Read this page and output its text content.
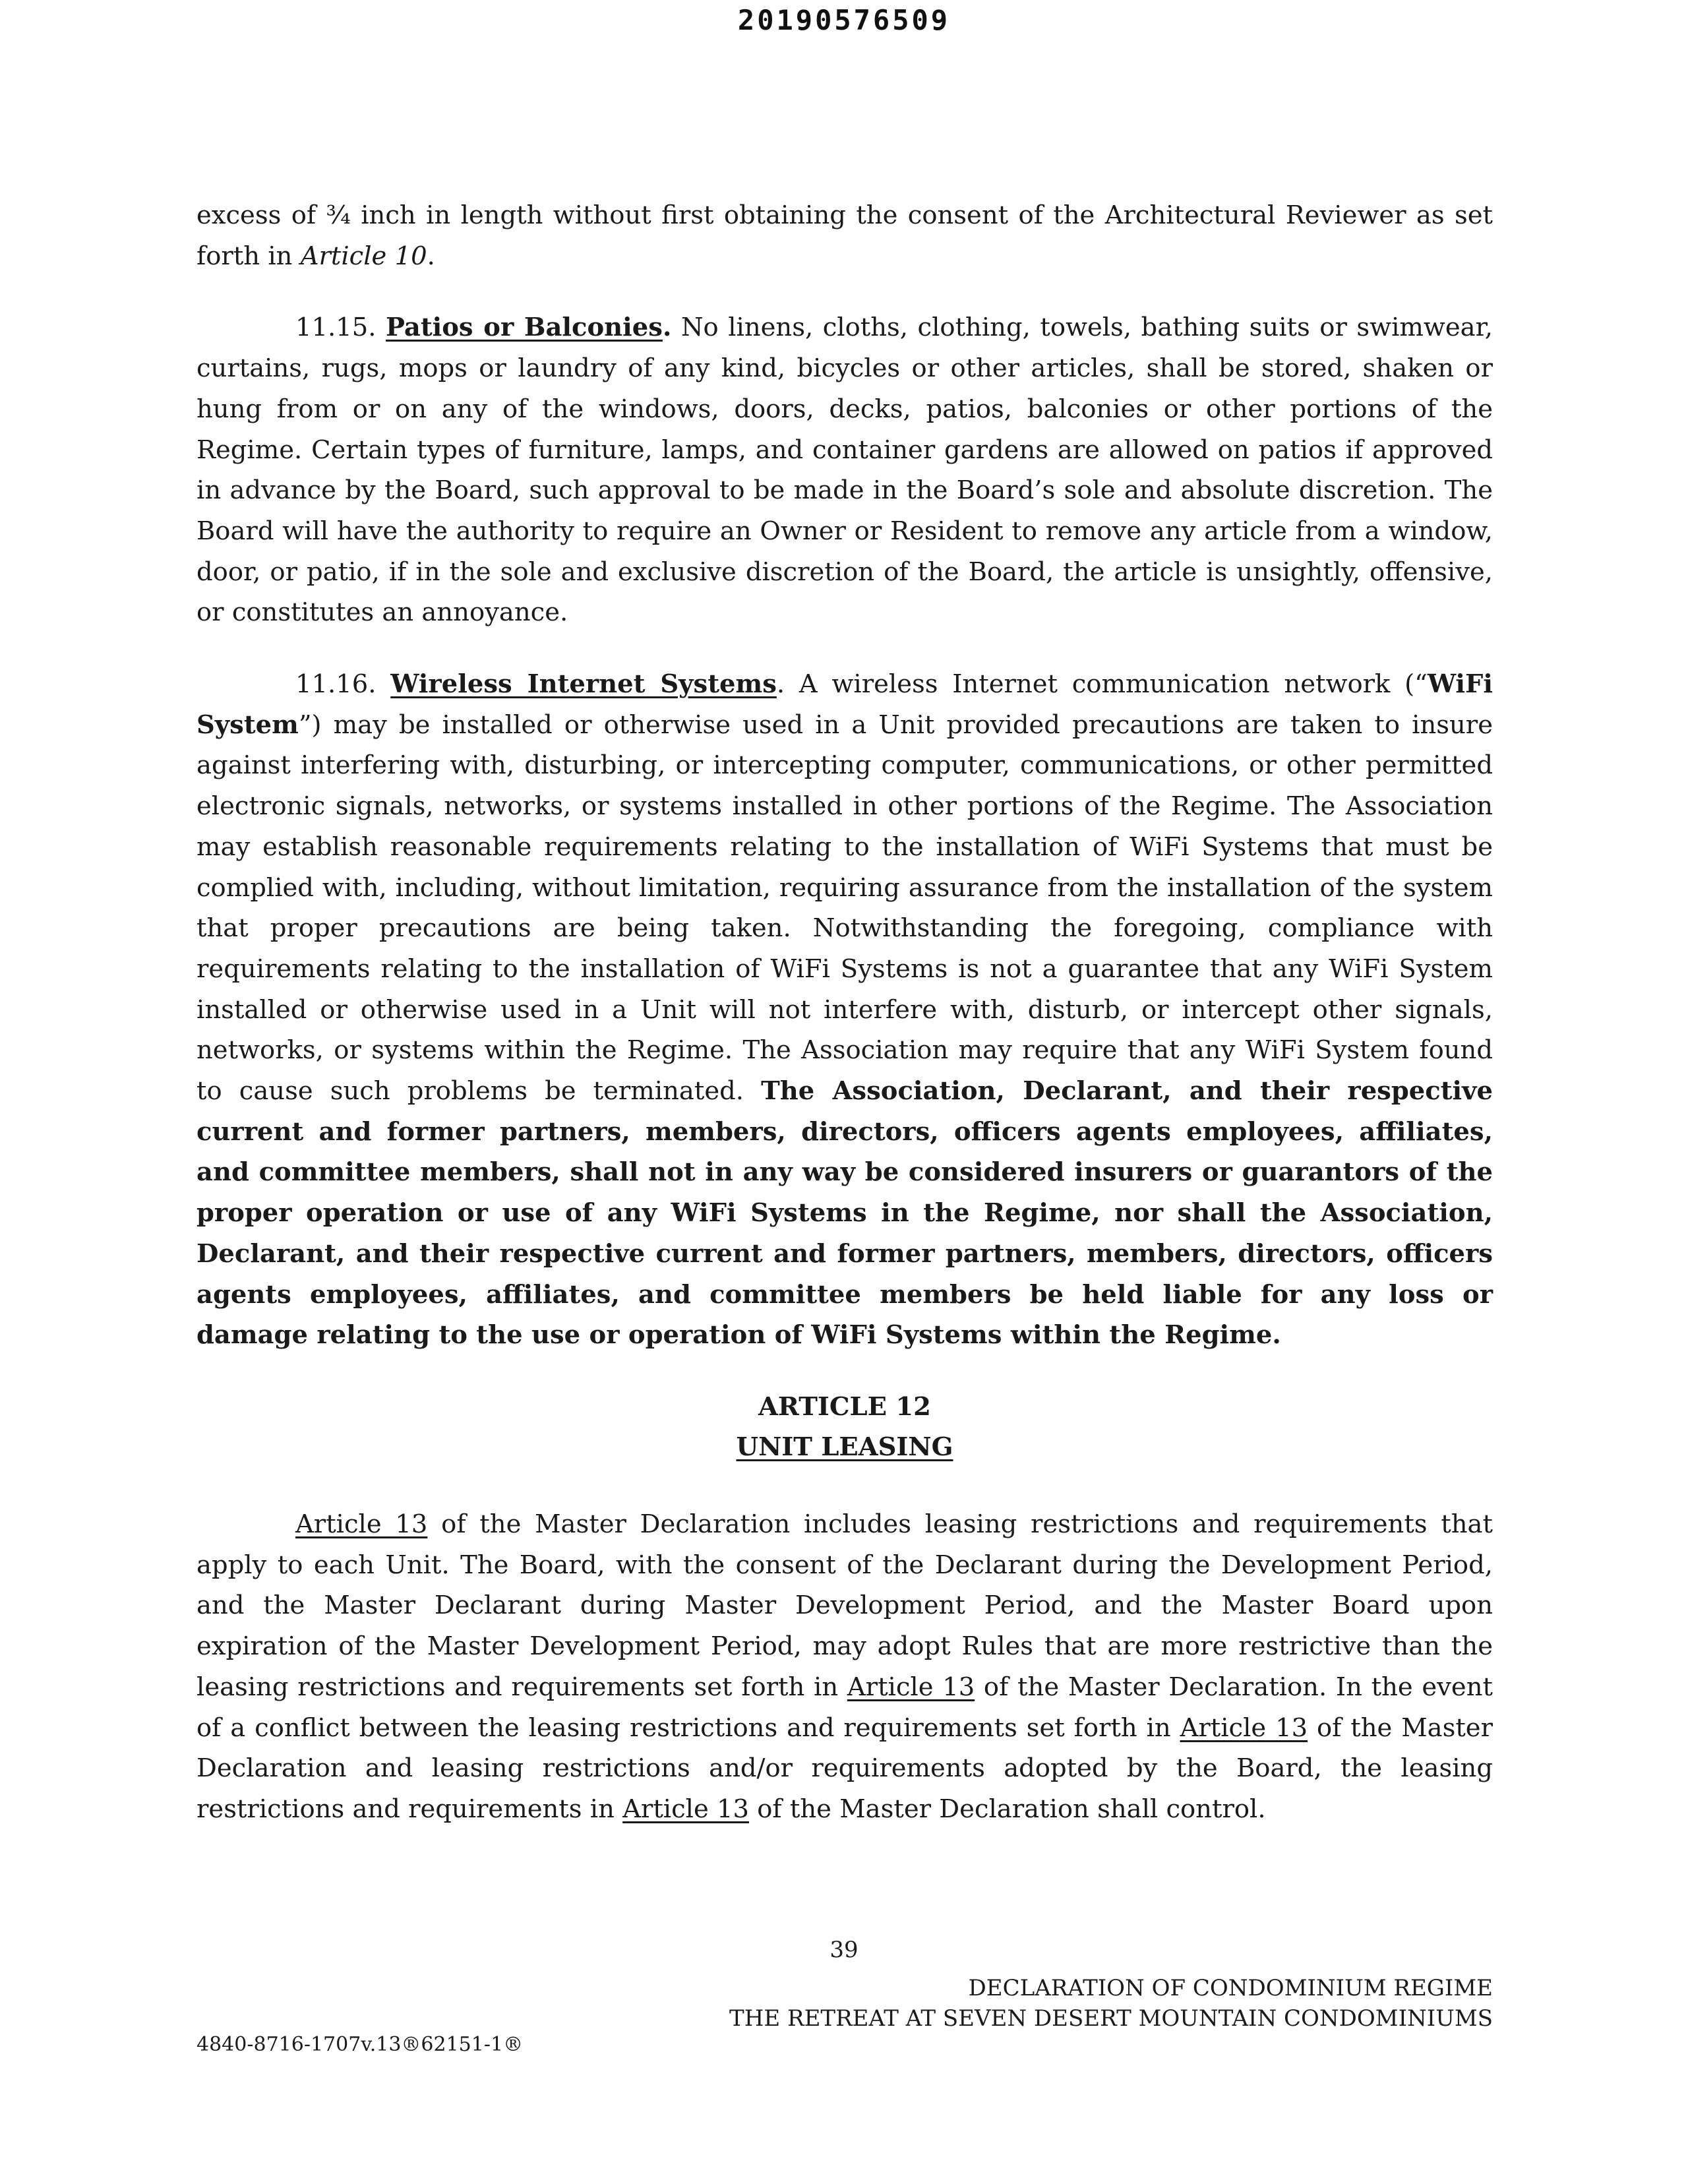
20190576509

excess of ¾ inch in length without first obtaining the consent of the Architectural Reviewer as set forth in Article 10.

11.15. Patios or Balconies. No linens, cloths, clothing, towels, bathing suits or swimwear, curtains, rugs, mops or laundry of any kind, bicycles or other articles, shall be stored, shaken or hung from or on any of the windows, doors, decks, patios, balconies or other portions of the Regime. Certain types of furniture, lamps, and container gardens are allowed on patios if approved in advance by the Board, such approval to be made in the Board’s sole and absolute discretion. The Board will have the authority to require an Owner or Resident to remove any article from a window, door, or patio, if in the sole and exclusive discretion of the Board, the article is unsightly, offensive, or constitutes an annoyance.

11.16. Wireless Internet Systems. A wireless Internet communication network (“WiFi System”) may be installed or otherwise used in a Unit provided precautions are taken to insure against interfering with, disturbing, or intercepting computer, communications, or other permitted electronic signals, networks, or systems installed in other portions of the Regime. The Association may establish reasonable requirements relating to the installation of WiFi Systems that must be complied with, including, without limitation, requiring assurance from the installation of the system that proper precautions are being taken. Notwithstanding the foregoing, compliance with requirements relating to the installation of WiFi Systems is not a guarantee that any WiFi System installed or otherwise used in a Unit will not interfere with, disturb, or intercept other signals, networks, or systems within the Regime. The Association may require that any WiFi System found to cause such problems be terminated. The Association, Declarant, and their respective current and former partners, members, directors, officers agents employees, affiliates, and committee members, shall not in any way be considered insurers or guarantors of the proper operation or use of any WiFi Systems in the Regime, nor shall the Association, Declarant, and their respective current and former partners, members, directors, officers agents employees, affiliates, and committee members be held liable for any loss or damage relating to the use or operation of WiFi Systems within the Regime.

ARTICLE 12
UNIT LEASING

Article 13 of the Master Declaration includes leasing restrictions and requirements that apply to each Unit. The Board, with the consent of the Declarant during the Development Period, and the Master Declarant during Master Development Period, and the Master Board upon expiration of the Master Development Period, may adopt Rules that are more restrictive than the leasing restrictions and requirements set forth in Article 13 of the Master Declaration. In the event of a conflict between the leasing restrictions and requirements set forth in Article 13 of the Master Declaration and leasing restrictions and/or requirements adopted by the Board, the leasing restrictions and requirements in Article 13 of the Master Declaration shall control.

39
DECLARATION OF CONDOMINIUM REGIME
THE RETREAT AT SEVEN DESERT MOUNTAIN CONDOMINIUMS
4840-8716-1707v.13®62151-1®
